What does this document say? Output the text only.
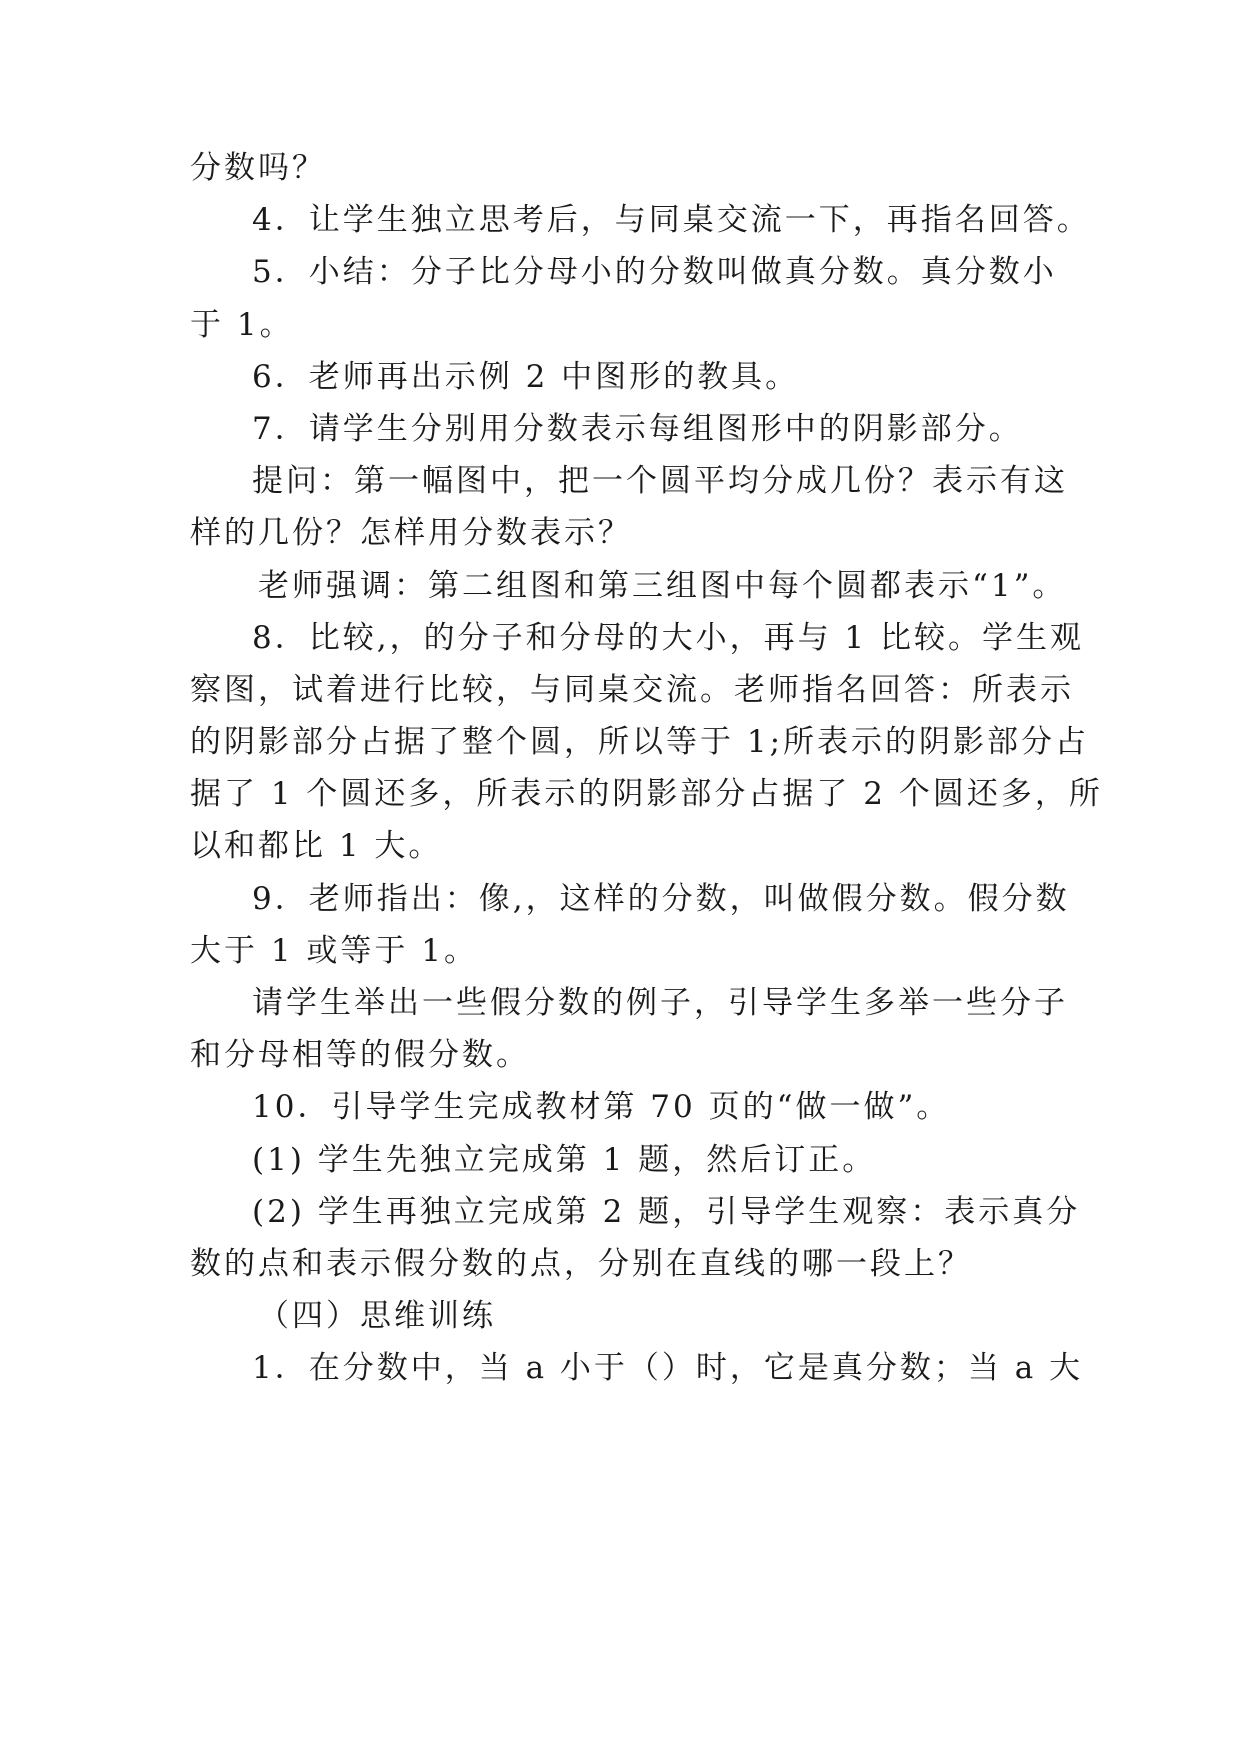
分数吗？
4．让学生独立思考后，与同桌交流一下，再指名回答。
5．小结：分子比分母小的分数叫做真分数。真分数小
于 1。
6．老师再出示例 2 中图形的教具。
7．请学生分别用分数表示每组图形中的阴影部分。
提问：第一幅图中，把一个圆平均分成几份？表示有这
样的几份？怎样用分数表示？
老师强调：第二组图和第三组图中每个圆都表示“1”。
8．比较,，的分子和分母的大小，再与 1 比较。学生观
察图，试着进行比较，与同桌交流。老师指名回答：所表示
的阴影部分占据了整个圆，所以等于 1;所表示的阴影部分占
据了 1 个圆还多，所表示的阴影部分占据了 2 个圆还多，所
以和都比 1 大。
9．老师指出：像,，这样的分数，叫做假分数。假分数
大于 1 或等于 1。
请学生举出一些假分数的例子，引导学生多举一些分子
和分母相等的假分数。
10．引导学生完成教材第 70 页的“做一做”。
(1) 学生先独立完成第 1 题，然后订正。
(2) 学生再独立完成第 2 题，引导学生观察：表示真分
数的点和表示假分数的点，分别在直线的哪一段上？
（四）思维训练
1．在分数中，当 a 小于（）时，它是真分数；当 a 大
